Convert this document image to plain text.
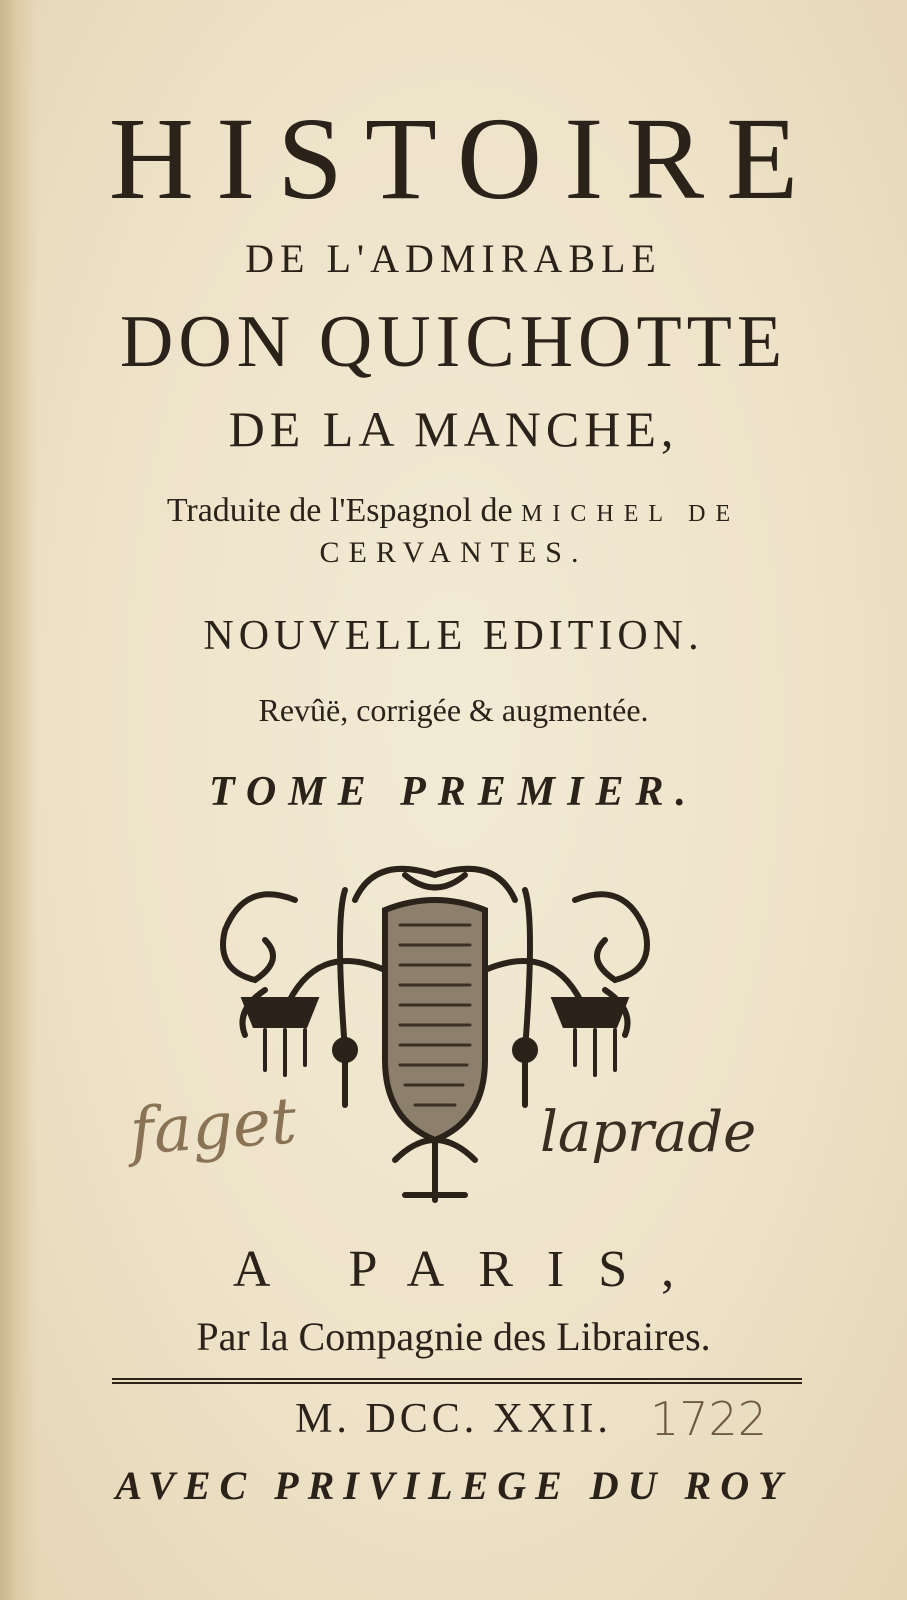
HISTOIRE
DE L'ADMIRABLE
DON QUICHOTTE
DE LA MANCHE,
Traduite de l'Espagnol de MICHEL DE
CERVANTES.
NOUVELLE EDITION.
Revûë, corrigée & augmentée.
TOME PREMIER.
faget	laprade
A PARIS,
Par la Compagnie des Libraires.
M. DCC. XXII. 1722
AVEC PRIVILEGE DU ROY
